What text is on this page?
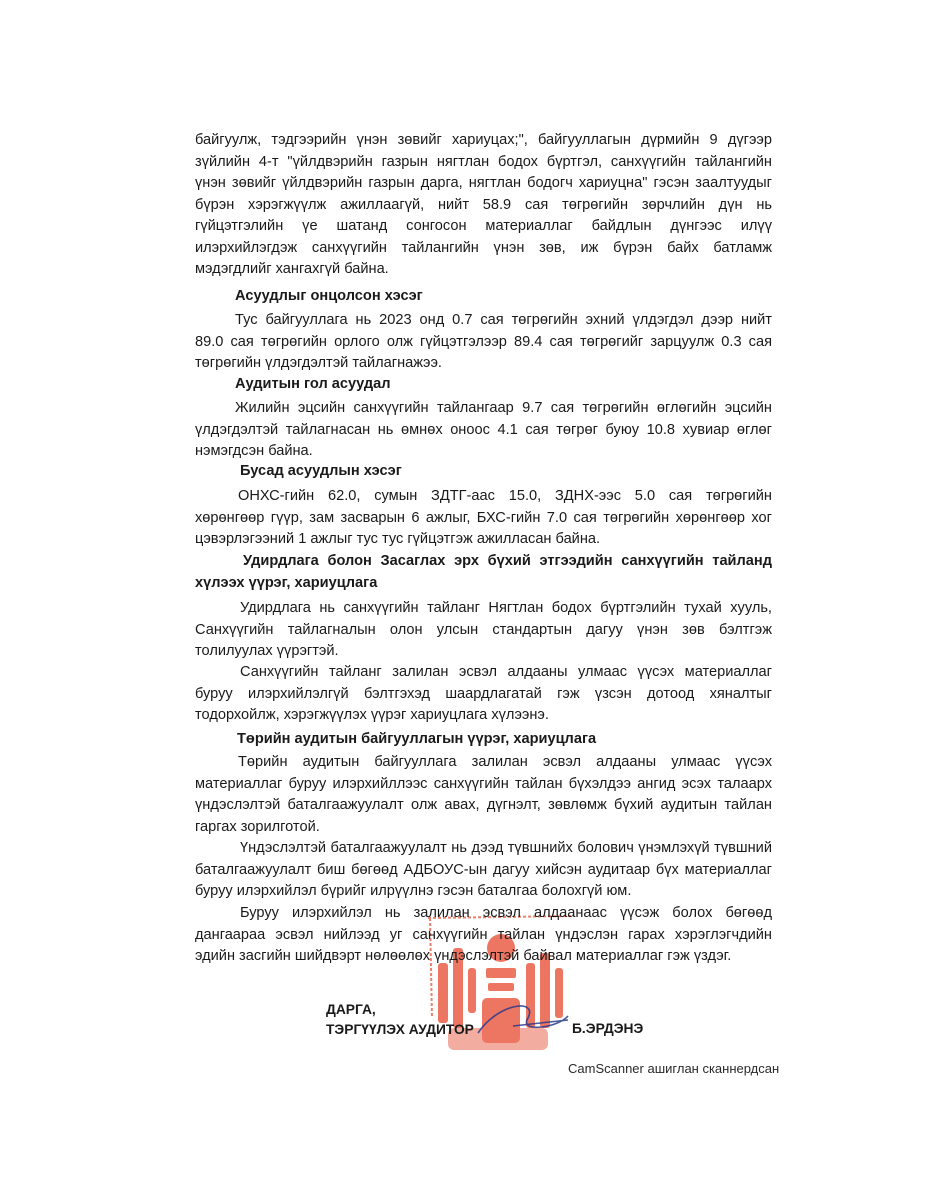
ДАРГА,
ТЭРГҮҮЛЭХ АУДИТОР	Б.ЭРДЭНЭ
CamScanner ашиглан сканнердсан
байгуулж, тэдгээрийн үнэн зөвийг хариуцах;", байгууллагын дүрмийн 9 дүгээр
зүйлийн 4-т "үйлдвэрийн газрын нягтлан бодох бүртгэл, санхүүгийн тайлангийн
үнэн зөвийг үйлдвэрийн газрын дарга, нягтлан бодогч хариуцна" гэсэн заалтуудыг
бүрэн хэрэгжүүлж ажиллаагүй, нийт 58.9 сая төгрөгийн зөрчлийн дүн нь
гүйцэтгэлийн үе шатанд сонгосон материаллаг байдлын дүнгээс илүү
илэрхийлэгдэж санхүүгийн тайлангийн үнэн зөв, иж бүрэн байх батламж
мэдэгдлийг хангахгүй байна.
Асуудлыг онцолсон хэсэг
Тус байгууллага нь 2023 онд 0.7 сая төгрөгийн эхний үлдэгдэл дээр нийт
89.0 сая төгрөгийн орлого олж гүйцэтгэлээр 89.4 сая төгрөгийг зарцуулж 0.3 сая
төгрөгийн үлдэгдэлтэй тайлагнажээ.
Аудитын гол асуудал
Жилийн эцсийн санхүүгийн тайлангаар 9.7 сая төгрөгийн өглөгийн эцсийн
үлдэгдэлтэй тайлагнасан нь өмнөх оноос 4.1 сая төгрөг буюу 10.8 хувиар өглөг
нэмэгдсэн байна.
Бусад асуудлын хэсэг
ОНХС-гийн 62.0, сумын ЗДТГ-аас 15.0, ЗДНХ-ээс 5.0 сая төгрөгийн
хөрөнгөөр гүүр, зам засварын 6 ажлыг, БХС-гийн 7.0 сая төгрөгийн хөрөнгөөр хог
цэвэрлэгээний 1 ажлыг тус тус гүйцэтгэж ажилласан байна.
Удирдлага болон Засаглах эрх бүхий этгээдийн санхүүгийн тайланд
хүлээх үүрэг, хариуцлага
Удирдлага нь санхүүгийн тайланг Нягтлан бодох бүртгэлийн тухай хууль,
Санхүүгийн тайлагналын олон улсын стандартын дагуу үнэн зөв бэлтгэж
толилуулах үүрэгтэй.
Санхүүгийн тайланг залилан эсвэл алдааны улмаас үүсэх материаллаг
буруу илэрхийлэлгүй бэлтгэхэд шаардлагатай гэж үзсэн дотоод хяналтыг
тодорхойлж, хэрэгжүүлэх үүрэг хариуцлага хүлээнэ.
Төрийн аудитын байгууллагын үүрэг, хариуцлага
Төрийн аудитын байгууллага залилан эсвэл алдааны улмаас үүсэх
материаллаг буруу илэрхийллээс санхүүгийн тайлан бүхэлдээ ангид эсэх талаарх
үндэслэлтэй баталгаажуулалт олж авах, дүгнэлт, зөвлөмж бүхий аудитын тайлан
гаргах зорилготой.
Үндэслэлтэй баталгаажуулалт нь дээд түвшнийх болович үнэмлэхүй түвшний
баталгаажуулалт биш бөгөөд АДБОУС-ын дагуу хийсэн аудитаар бүх материаллаг
буруу илэрхийлэл бүрийг илрүүлнэ гэсэн баталгаа болохгүй юм.
Буруу илэрхийлэл нь залилан эсвэл алдаанаас үүсэж болох бөгөөд
дангаараа эсвэл нийлээд уг санхүүгийн тайлан үндэслэн гарах хэрэглэгчдийн
эдийн засгийн шийдвэрт нөлөөлөх үндэслэлтэй байвал материаллаг гэж үздэг.
